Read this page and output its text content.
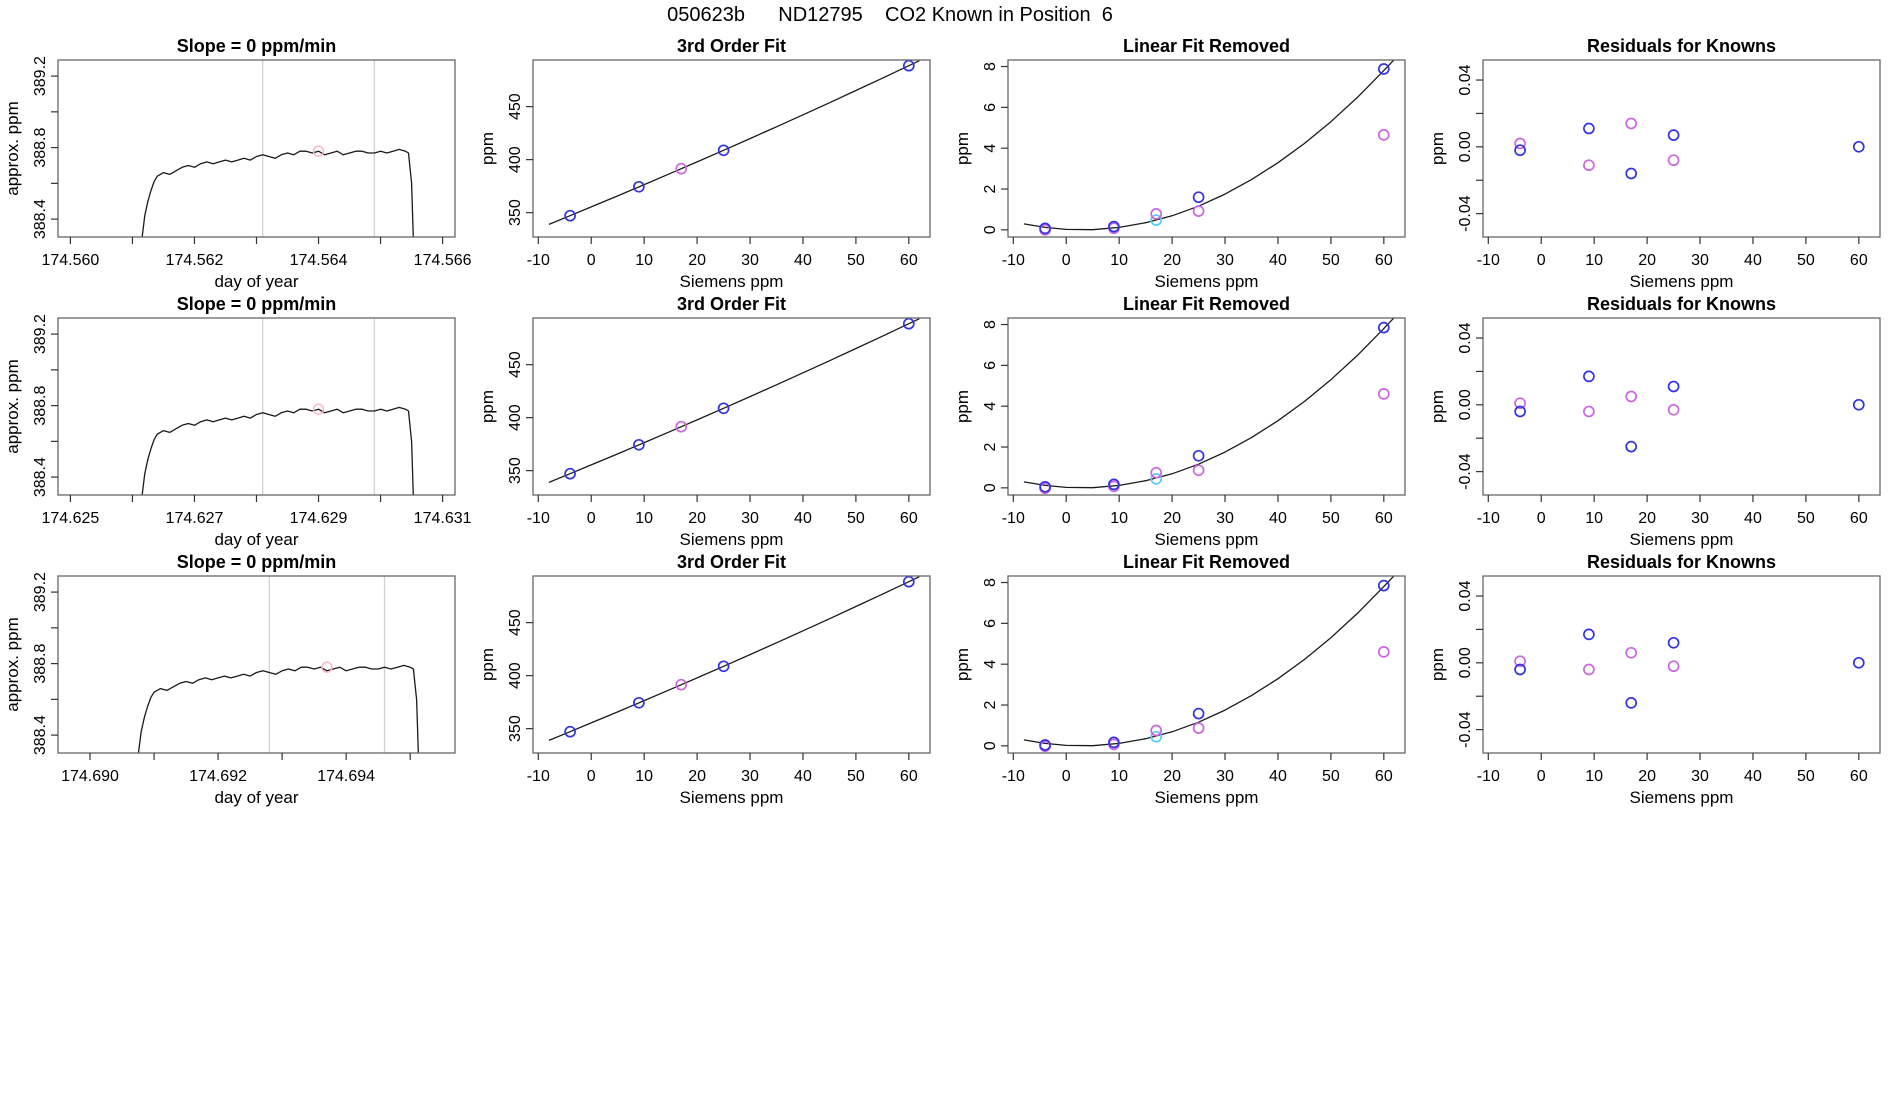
050623b      ND12795    CO2 Known in Position  6
174.560	174.562	174.564	174.566
388.4
388.8
389.2
day of year
approx. ppm
Slope = 0 ppm/min
-10 0 10 20 30 40 50 60
350
400
450
Siemens ppm
ppm
3rd Order Fit
-10 0 10 20 30 40 50 60
0
2
4
6
8
Siemens ppm
ppm
Linear Fit Removed
-10 0 10 20 30 40 50 60
-0.04
0.00
0.04
Siemens ppm
ppm
Residuals for Knowns
174.625	174.627	174.629	174.631
388.4
388.8
389.2
day of year
approx. ppm
Slope = 0 ppm/min
-10 0 10 20 30 40 50 60
350
400
450
Siemens ppm
ppm
3rd Order Fit
-10 0 10 20 30 40 50 60
0
2
4
6
8
Siemens ppm
ppm
Linear Fit Removed
-10 0 10 20 30 40 50 60
-0.04
0.00
0.04
Siemens ppm
ppm
Residuals for Knowns
174.690	174.692	174.694
388.4
388.8
389.2
day of year
approx. ppm
Slope = 0 ppm/min
-10 0 10 20 30 40 50 60
350
400
450
Siemens ppm
ppm
3rd Order Fit
-10 0 10 20 30 40 50 60
0
2
4
6
8
Siemens ppm
ppm
Linear Fit Removed
-10 0 10 20 30 40 50 60
-0.04
0.00
0.04
Siemens ppm
ppm
Residuals for Knowns
